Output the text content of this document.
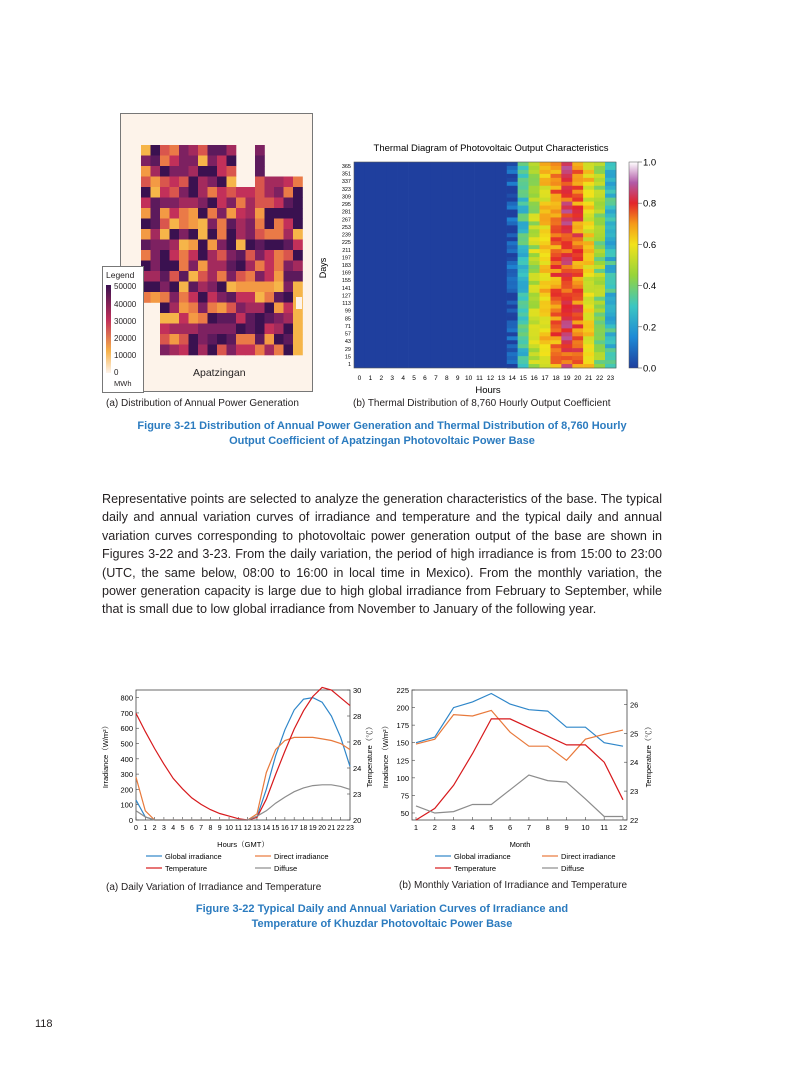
Apatzingan
Legend
50000
40000
30000
20000
10000
0
MWh
Thermal Diagram of Photovoltaic Output Characteristics
365
351
337
323
309
295
281
267
253
239
225
211
197
183
169
155
141
127
113
99
85
71
57
43
29
15
1
0 1 2 3 4 5 6 7 8 9 10 11 12 13 14 15 16 17 18 19 20 21 22 23
Days
Hours
1.0
0.8
0.6
0.4
0.2
0.0
(a) Distribution of Annual Power Generation	(b) Thermal Distribution of 8,760 Hourly Output Coefficient
Figure 3-21 Distribution of Annual Power Generation and Thermal Distribution of 8,760 Hourly
Output Coefficient of Apatzingan Photovoltaic Power Base
Representative points are selected to analyze the generation characteristics of the base. The typical daily and annual variation curves of irradiance and temperature and the typical daily and annual variation curves corresponding to photovoltaic power generation output of the base are shown in Figures 3-22 and 3-23. From the daily variation, the period of high irradiance is from 15:00 to 23:00 (UTC, the same below, 08:00 to 16:00 in local time in Mexico). From the monthly variation, the power generation capacity is large due to high global irradiance from February to September, while that is small due to low global irradiance from November to January of the following year.
800
700
600
500
400
300
200
100
0
30
28
26
24
23
20
0 1 2 3 4 5 6 7 8 9 10 11 12 13 14 15 16 17 18 19 20 21 22 23
Irradiance（W/m²）	Temperature（℃）
Hours（GMT）
Global irradiance	Direct irradiance
Temperature	Diffuse
225
200
175
150
125
100
75
50
26
25
24
23
22
1 2 3 4 5 6 7 8 9 10 11 12
Irradiance（W/m²）	Temperature（℃）
Month
Global irradiance	Direct irradiance
Temperature	Diffuse
(a) Daily Variation of Irradiance and Temperature	(b) Monthly Variation of Irradiance and Temperature
Figure 3-22 Typical Daily and Annual Variation Curves of Irradiance and
Temperature of Khuzdar Photovoltaic Power Base
118
